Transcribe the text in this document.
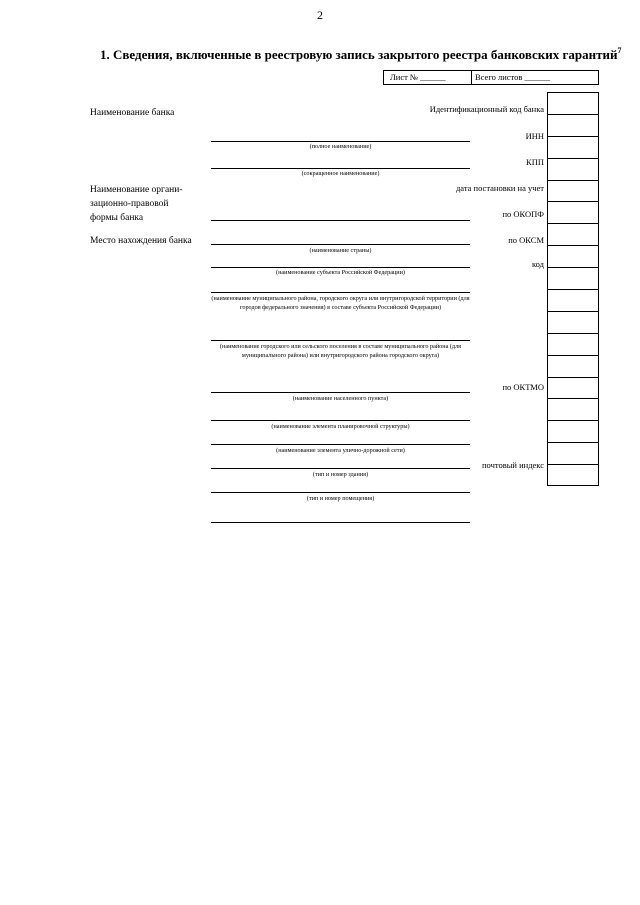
2
1. Сведения, включенные в реестровую запись закрытого реестра банковских гарантий$^7$
Лист № ______	Всего листов ______
Наименование банка
Наименование органи-зационно-правовой формы банка
Место нахождения банка
Идентификационный код банка
ИНН
КПП
дата постановки на учет
по ОКОПФ
по ОКСМ
код
по ОКТМО
почтовый индекс
(полное наименование)
(сокращенное наименование)
(наименование страны)
(наименование субъекта Российской Федерации)
(наименование муниципального района, городского округа или внутригородской территории (для городов федерального значения) в составе субъекта Российской Федерации)
(наименование городского или сельского поселения в составе муниципального района (для муниципального района) или внутригородского района городского округа)
(наименование населенного пункта)
(наименование элемента планировочной структуры)
(наименование элемента улично-дорожной сети)
(тип и номер здания)
(тип и номер помещения)
